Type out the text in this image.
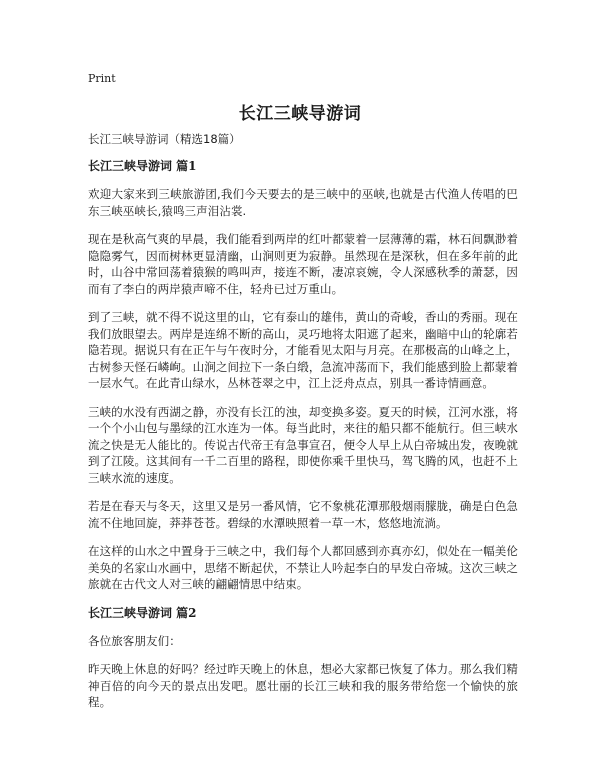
Print
长江三峡导游词

长江三峡导游词（精选18篇）

长江三峡导游词 篇1

欢迎大家来到三峡旅游团,我们今天要去的是三峡中的巫峡,也就是古代渔人传唱的巴东三峡巫峡长,猿鸣三声泪沾裳.

现在是秋高气爽的早晨，我们能看到两岸的红叶都蒙着一层薄薄的霜，林石间飘渺着隐隐雾气，因而树林更显清幽，山涧则更为寂静。虽然现在是深秋，但在多年前的此时，山谷中常回荡着猿猴的鸣叫声，接连不断，凄凉哀婉，令人深感秋季的萧瑟，因而有了李白的两岸猿声啼不住，轻舟已过万重山。

到了三峡，就不得不说这里的山，它有泰山的雄伟，黄山的奇峻，香山的秀丽。现在我们放眼望去。两岸是连绵不断的高山，灵巧地将太阳遮了起来，幽暗中山的轮廓若隐若现。据说只有在正午与午夜时分，才能看见太阳与月亮。在那极高的山峰之上，古树参天怪石嶙峋。山涧之间拉下一条白缎，急流冲荡而下，我们能感到脸上都蒙着一层水气。在此青山绿水，丛林苍翠之中，江上泛舟点点，别具一番诗情画意。

三峡的水没有西湖之静，亦没有长江的浊，却变换多姿。夏天的时候，江河水涨，将一个个小山包与墨绿的江水连为一体。每当此时，来往的船只都不能航行。但三峡水流之快是无人能比的。传说古代帝王有急事宣召，便令人早上从白帝城出发，夜晚就到了江陵。这其间有一千二百里的路程，即使你乘千里快马，驾飞腾的风，也赶不上三峡水流的速度。

若是在春天与冬天，这里又是另一番风情，它不象桃花潭那般烟雨朦胧，确是白色急流不住地回旋，莽莽苍苍。碧绿的水潭映照着一草一木，悠悠地流淌。

在这样的山水之中置身于三峡之中，我们每个人都回感到亦真亦幻，似处在一幅美伦美奂的名家山水画中，思绪不断起伏，不禁让人吟起李白的早发白帝城。这次三峡之旅就在古代文人对三峡的翩翩情思中结束。

长江三峡导游词 篇2

各位旅客朋友们：

昨天晚上休息的好吗？经过昨天晚上的休息，想必大家都已恢复了体力。那么我们精神百倍的向今天的景点出发吧。愿壮丽的长江三峡和我的服务带给您一个愉快的旅程。
